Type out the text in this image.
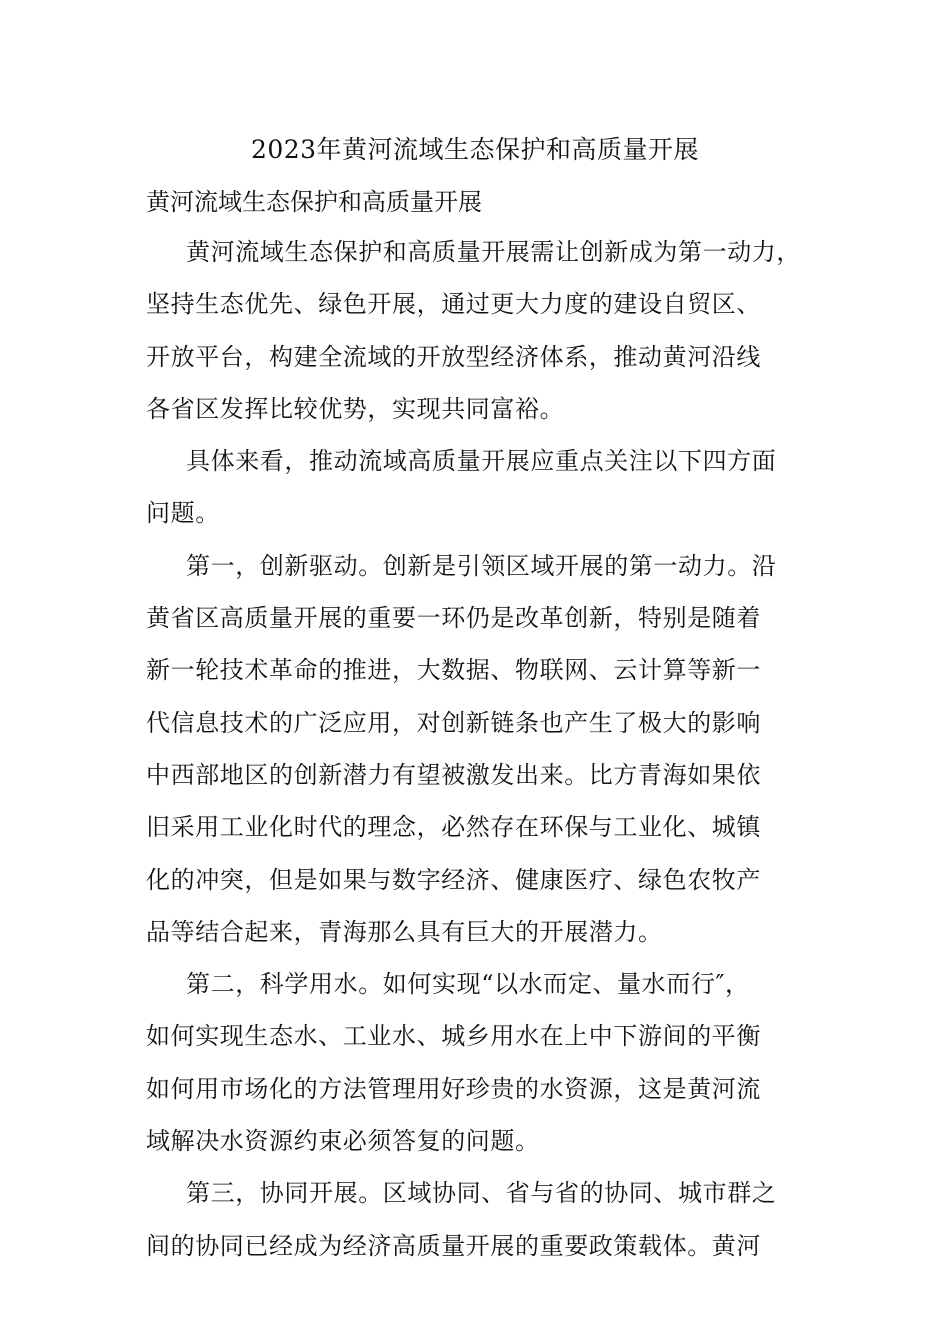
2023年黄河流域生态保护和高质量开展
黄河流域生态保护和高质量开展
黄河流域生态保护和高质量开展需让创新成为第一动力，
坚持生态优先、绿色开展，通过更大力度的建设自贸区、
开放平台，构建全流域的开放型经济体系，推动黄河沿线
各省区发挥比较优势，实现共同富裕。
具体来看，推动流域高质量开展应重点关注以下四方面
问题。
第一，创新驱动。创新是引领区域开展的第一动力。沿
黄省区高质量开展的重要一环仍是改革创新，特别是随着
新一轮技术革命的推进，大数据、物联网、云计算等新一
代信息技术的广泛应用，对创新链条也产生了极大的影响
中西部地区的创新潜力有望被激发出来。比方青海如果依
旧采用工业化时代的理念，必然存在环保与工业化、城镇
化的冲突，但是如果与数字经济、健康医疗、绿色农牧产
品等结合起来，青海那么具有巨大的开展潜力。
第二，科学用水。如何实现“以水而定、量水而行″，
如何实现生态水、工业水、城乡用水在上中下游间的平衡
如何用市场化的方法管理用好珍贵的水资源，这是黄河流
域解决水资源约束必须答复的问题。
第三，协同开展。区域协同、省与省的协同、城市群之
间的协同已经成为经济高质量开展的重要政策载体。黄河
